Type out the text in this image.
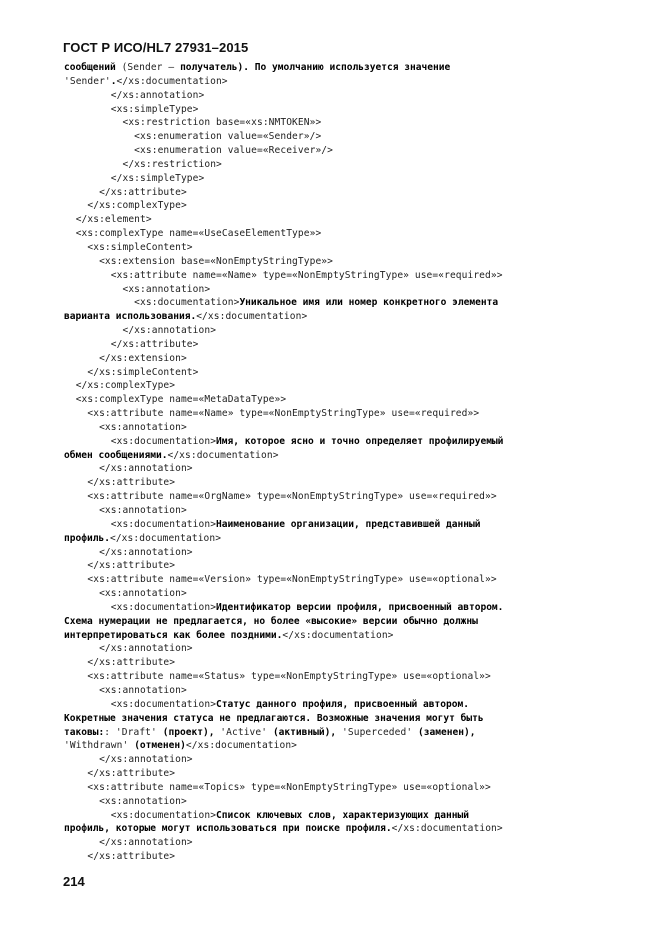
ГОСТ Р ИСО/HL7 27931–2015
сообщений (Sender – получатель). По умолчанию используется значение
'Sender'.</xs:documentation>
</xs:annotation>
<xs:simpleType>
<xs:restriction base=«xs:NMTOKEN»>
<xs:enumeration value=«Sender»/>
<xs:enumeration value=«Receiver»/>
</xs:restriction>
</xs:simpleType>
</xs:attribute>
</xs:complexType>
</xs:element>
<xs:complexType name=«UseCaseElementType»>
<xs:simpleContent>
<xs:extension base=«NonEmptyStringType»>
<xs:attribute name=«Name» type=«NonEmptyStringType» use=«required»>
<xs:annotation>
<xs:documentation>Уникальное имя или номер конкретного элемента
варианта использования.</xs:documentation>
</xs:annotation>
</xs:attribute>
</xs:extension>
</xs:simpleContent>
</xs:complexType>
<xs:complexType name=«MetaDataType»>
<xs:attribute name=«Name» type=«NonEmptyStringType» use=«required»>
<xs:annotation>
<xs:documentation>Имя, которое ясно и точно определяет профилируемый
обмен сообщениями.</xs:documentation>
</xs:annotation>
</xs:attribute>
<xs:attribute name=«OrgName» type=«NonEmptyStringType» use=«required»>
<xs:annotation>
<xs:documentation>Наименование организации, представившей данный
профиль.</xs:documentation>
</xs:annotation>
</xs:attribute>
<xs:attribute name=«Version» type=«NonEmptyStringType» use=«optional»>
<xs:annotation>
<xs:documentation>Идентификатор версии профиля, присвоенный автором.
Схема нумерации не предлагается, но более «высокие» версии обычно должны
интерпретироваться как более поздними.</xs:documentation>
</xs:annotation>
</xs:attribute>
<xs:attribute name=«Status» type=«NonEmptyStringType» use=«optional»>
<xs:annotation>
<xs:documentation>Статус данного профиля, присвоенный автором.
Кокретные значения статуса не предлагаются. Возможные значения могут быть
таковы:: 'Draft' (проект), 'Active' (активный), 'Superceded' (заменен),
'Withdrawn' (отменен)</xs:documentation>
</xs:annotation>
</xs:attribute>
<xs:attribute name=«Topics» type=«NonEmptyStringType» use=«optional»>
<xs:annotation>
<xs:documentation>Список ключевых слов, характеризующих данный
профиль, которые могут использоваться при поиске профиля.</xs:documentation>
</xs:annotation>
</xs:attribute>

214
